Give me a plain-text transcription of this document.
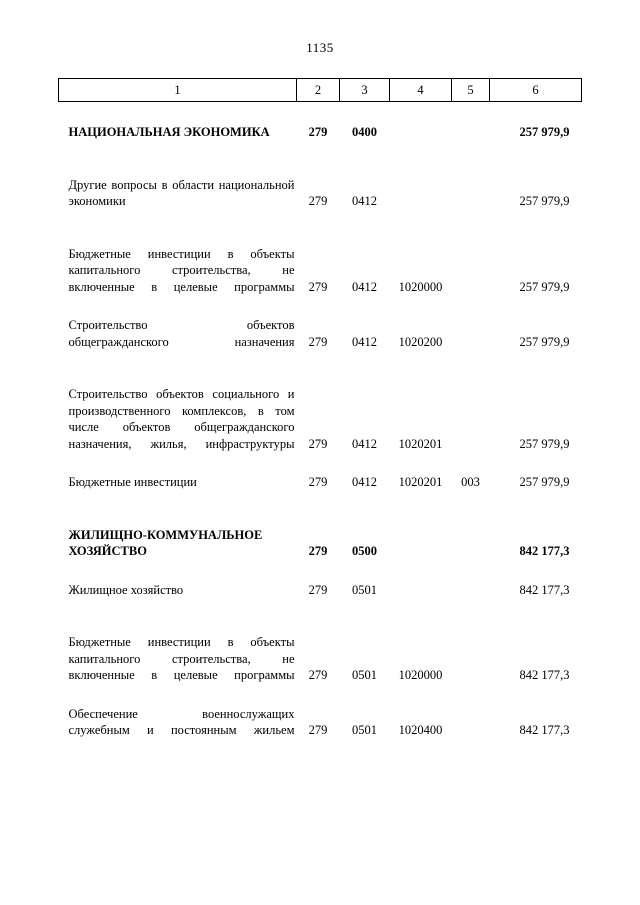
1135
1	2	3	4	5	6

НАЦИОНАЛЬНАЯ ЭКОНОМИКА	279	0400			257 979,9

Другие вопросы в области национальной экономики	279	0412			257 979,9

Бюджетные инвестиции в объекты капитального строительства, не включенные в целевые программы	279	0412	1020000		257 979,9

Строительство объектов общегражданского назначения	279	0412	1020200		257 979,9

Строительство объектов социального и производственного комплексов, в том числе объектов общегражданского назначения, жилья, инфраструктуры	279	0412	1020201		257 979,9

Бюджетные инвестиции	279	0412	1020201	003	257 979,9

ЖИЛИЩНО-КОММУНАЛЬНОЕ ХОЗЯЙСТВО	279	0500			842 177,3

Жилищное хозяйство	279	0501			842 177,3

Бюджетные инвестиции в объекты капитального строительства, не включенные в целевые программы	279	0501	1020000		842 177,3

Обеспечение военнослужащих служебным и постоянным жильем	279	0501	1020400		842 177,3
